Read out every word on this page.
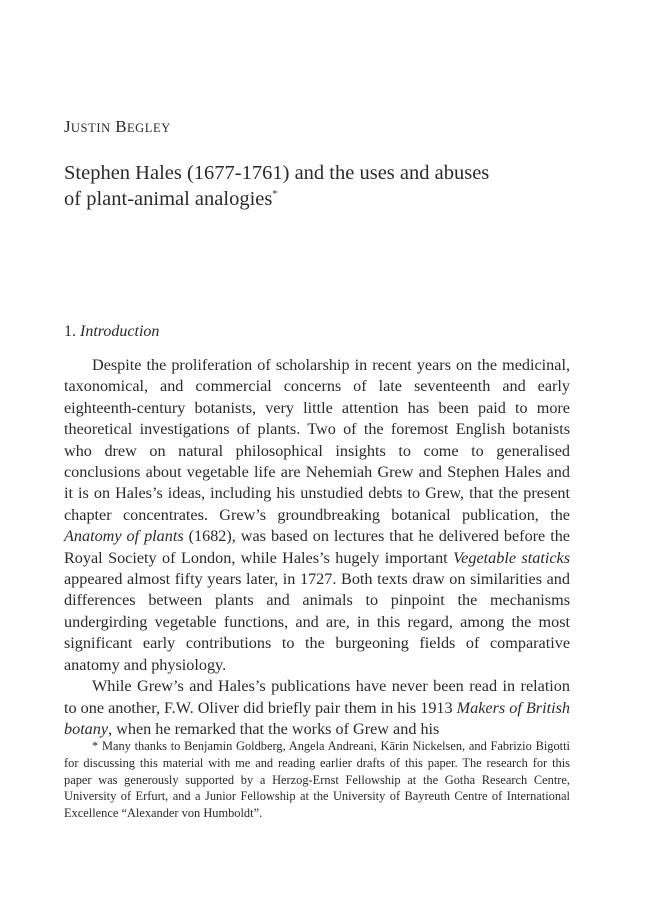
JUSTIN BEGLEY
Stephen Hales (1677-1761) and the uses and abuses
of plant-animal analogies*
1. Introduction

Despite the proliferation of scholarship in recent years on the medicinal, taxonomical, and commercial concerns of late seventeenth and early eighteenth-century botanists, very little attention has been paid to more theoretical investigations of plants. Two of the foremost English botanists who drew on natural philosophical insights to come to generalised conclusions about vegetable life are Nehemiah Grew and Stephen Hales and it is on Hales’s ideas, including his unstudied debts to Grew, that the present chapter concentrates. Grew’s groundbreaking botanical publication, the Anatomy of plants (1682), was based on lectures that he delivered before the Royal Society of London, while Hales’s hugely important Vegetable staticks appeared almost fifty years later, in 1727. Both texts draw on similarities and differences between plants and animals to pinpoint the mechanisms undergirding vegetable functions, and are, in this regard, among the most significant early contributions to the burgeoning fields of comparative anatomy and physiology.

While Grew’s and Hales’s publications have never been read in relation to one another, F.W. Oliver did briefly pair them in his 1913 Makers of British botany, when he remarked that the works of Grew and his

* Many thanks to Benjamin Goldberg, Angela Andreani, Kārin Nickelsen, and Fabrizio Bigotti for discussing this material with me and reading earlier drafts of this paper. The research for this paper was generously supported by a Herzog-Ernst Fellowship at the Gotha Research Centre, University of Erfurt, and a Junior Fellowship at the University of Bayreuth Centre of International Excellence “Alexander von Humboldt”.
